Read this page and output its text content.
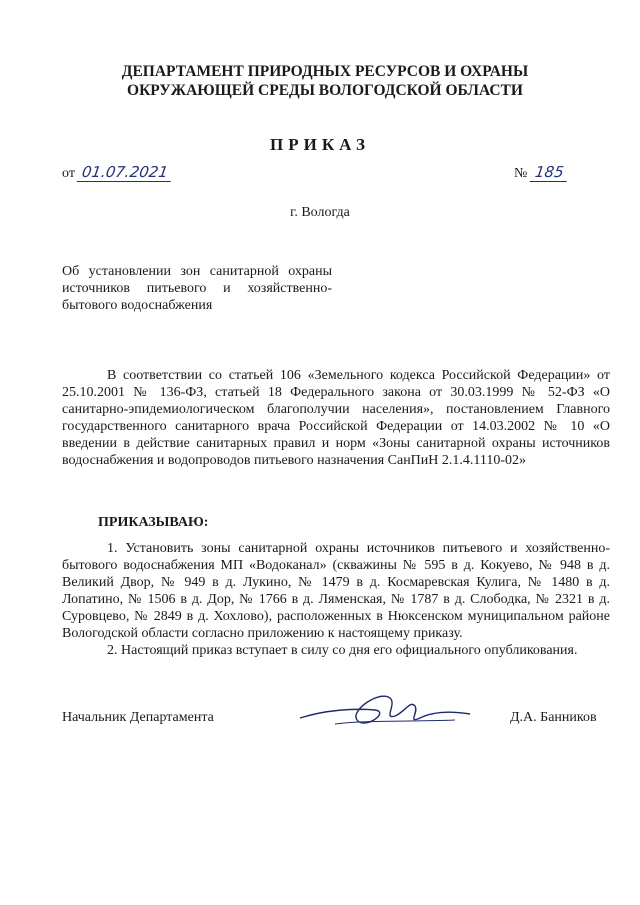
ДЕПАРТАМЕНТ ПРИРОДНЫХ РЕСУРСОВ И ОХРАНЫ
ОКРУЖАЮЩЕЙ СРЕДЫ ВОЛОГОДСКОЙ ОБЛАСТИ
ПРИКАЗ
от 01.07.2021	№ 185
г. Вологда
Об установлении зон санитарной охраны источников питьевого и хозяйственно-бытового водоснабжения
В соответствии со статьей 106 «Земельного кодекса Российской Федерации» от 25.10.2001 № 136-ФЗ, статьей 18 Федерального закона от 30.03.1999 № 52-ФЗ «О санитарно-эпидемиологическом благополучии населения», постановлением Главного государственного санитарного врача Российской Федерации от 14.03.2002 № 10 «О введении в действие санитарных правил и норм «Зоны санитарной охраны источников водоснабжения и водопроводов питьевого назначения СанПиН 2.1.4.1110-02»
ПРИКАЗЫВАЮ:

1. Установить зоны санитарной охраны источников питьевого и хозяйственно-бытового водоснабжения МП «Водоканал» (скважины № 595 в д. Кокуево, № 948 в д. Великий Двор, № 949 в д. Лукино, № 1479 в д. Космаревская Кулига, № 1480 в д. Лопатино, № 1506 в д. Дор, № 1766 в д. Ляменская, № 1787 в д. Слободка, № 2321 в д. Суровцево, № 2849 в д. Хохлово), расположенных в Нюксенском муниципальном районе Вологодской области согласно приложению к настоящему приказу.

2. Настоящий приказ вступает в силу со дня его официального опубликования.

Начальник Департамента	Д.А. Банников
